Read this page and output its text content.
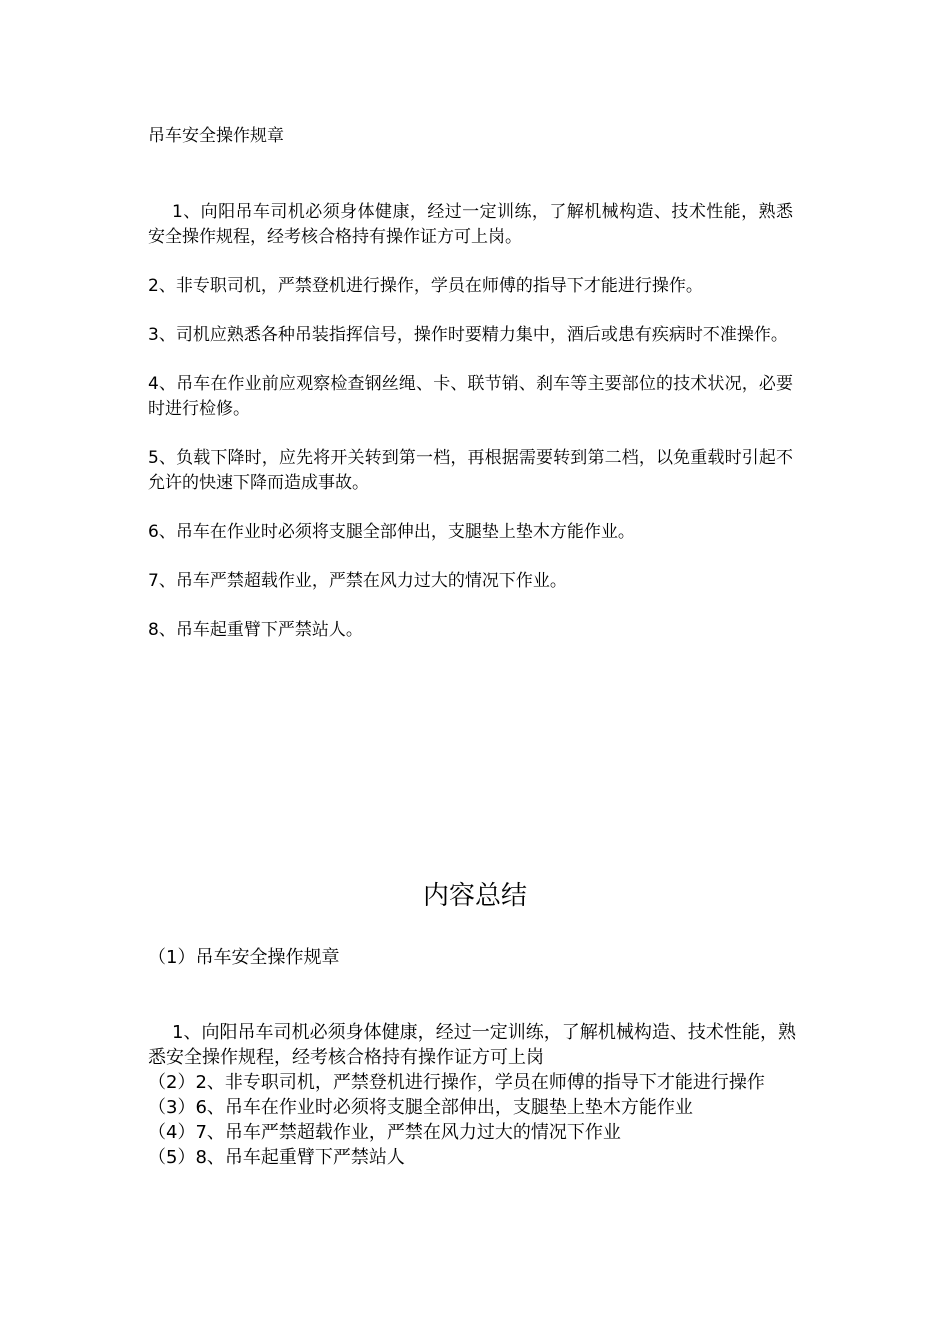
吊车安全操作规章

1、向阳吊车司机必须身体健康，经过一定训练，了解机械构造、技术性能，熟悉安全操作规程，经考核合格持有操作证方可上岗。

2、非专职司机，严禁登机进行操作，学员在师傅的指导下才能进行操作。

3、司机应熟悉各种吊装指挥信号，操作时要精力集中，酒后或患有疾病时不准操作。

4、吊车在作业前应观察检查钢丝绳、卡、联节销、刹车等主要部位的技术状况，必要时进行检修。

5、负载下降时，应先将开关转到第一档，再根据需要转到第二档，以免重载时引起不允许的快速下降而造成事故。

6、吊车在作业时必须将支腿全部伸出，支腿垫上垫木方能作业。

7、吊车严禁超载作业，严禁在风力过大的情况下作业。

8、吊车起重臂下严禁站人。

内容总结
（1）吊车安全操作规章

1、向阳吊车司机必须身体健康，经过一定训练，了解机械构造、技术性能，熟悉安全操作规程，经考核合格持有操作证方可上岗

（2）2、非专职司机，严禁登机进行操作，学员在师傅的指导下才能进行操作

（3）6、吊车在作业时必须将支腿全部伸出，支腿垫上垫木方能作业

（4）7、吊车严禁超载作业，严禁在风力过大的情况下作业

（5）8、吊车起重臂下严禁站人
